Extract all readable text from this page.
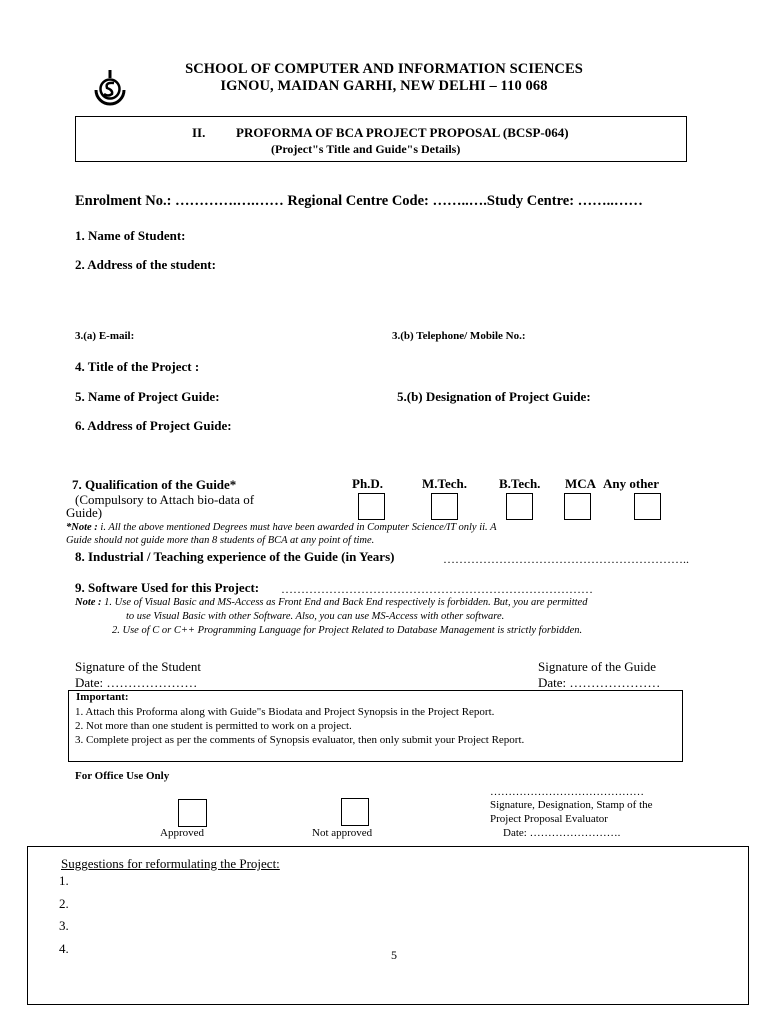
SCHOOL OF COMPUTER AND INFORMATION SCIENCES
IGNOU, MAIDAN GARHI, NEW DELHI – 110 068
II. PROFORMA OF BCA PROJECT PROPOSAL (BCSP-064)
(Project"s Title and Guide"s Details)
Enrolment No.: ………….….…… Regional Centre Code: ……..….Study Centre: ……..……
1. Name of Student:
2. Address of the student:
3.(a) E-mail:	3.(b) Telephone/ Mobile No.:
4. Title of the Project :
5. Name of Project Guide:	5.(b) Designation of Project Guide:
6. Address of Project Guide:
7. Qualification of the Guide*
(Compulsory to Attach bio-data of
Guide)
Ph.D.	M.Tech. B.Tech. MCA Any other
*Note : i. All the above mentioned Degrees must have been awarded in Computer Science/IT only ii. A
Guide should not guide more than 8 students of BCA at any point of time.
8. Industrial / Teaching experience of the Guide (in Years)	……………………………………………………..
9. Software Used for this Project: ……………………………………………………………………
Note : 1. Use of Visual Basic and MS-Access as Front End and Back End respectively is forbidden. But, you are permitted
to use Visual Basic with other Software. Also, you can use MS-Access with other software.
2. Use of C or C++ Programming Language for Project Related to Database Management is strictly forbidden.
Signature of the Student
Date: …………………
Signature of the Guide
Date: …………………
Important:
1. Attach this Proforma along with Guide"s Biodata and Project Synopsis in the Project Report.
2. Not more than one student is permitted to work on a project.
3. Complete project as per the comments of Synopsis evaluator, then only submit your Project Report.
For Office Use Only
Approved	Not approved
……………………………………
Signature, Designation, Stamp of the
Project Proposal Evaluator
Date: …………………….
Suggestions for reformulating the Project:
1.
2.
3.
4.	5
